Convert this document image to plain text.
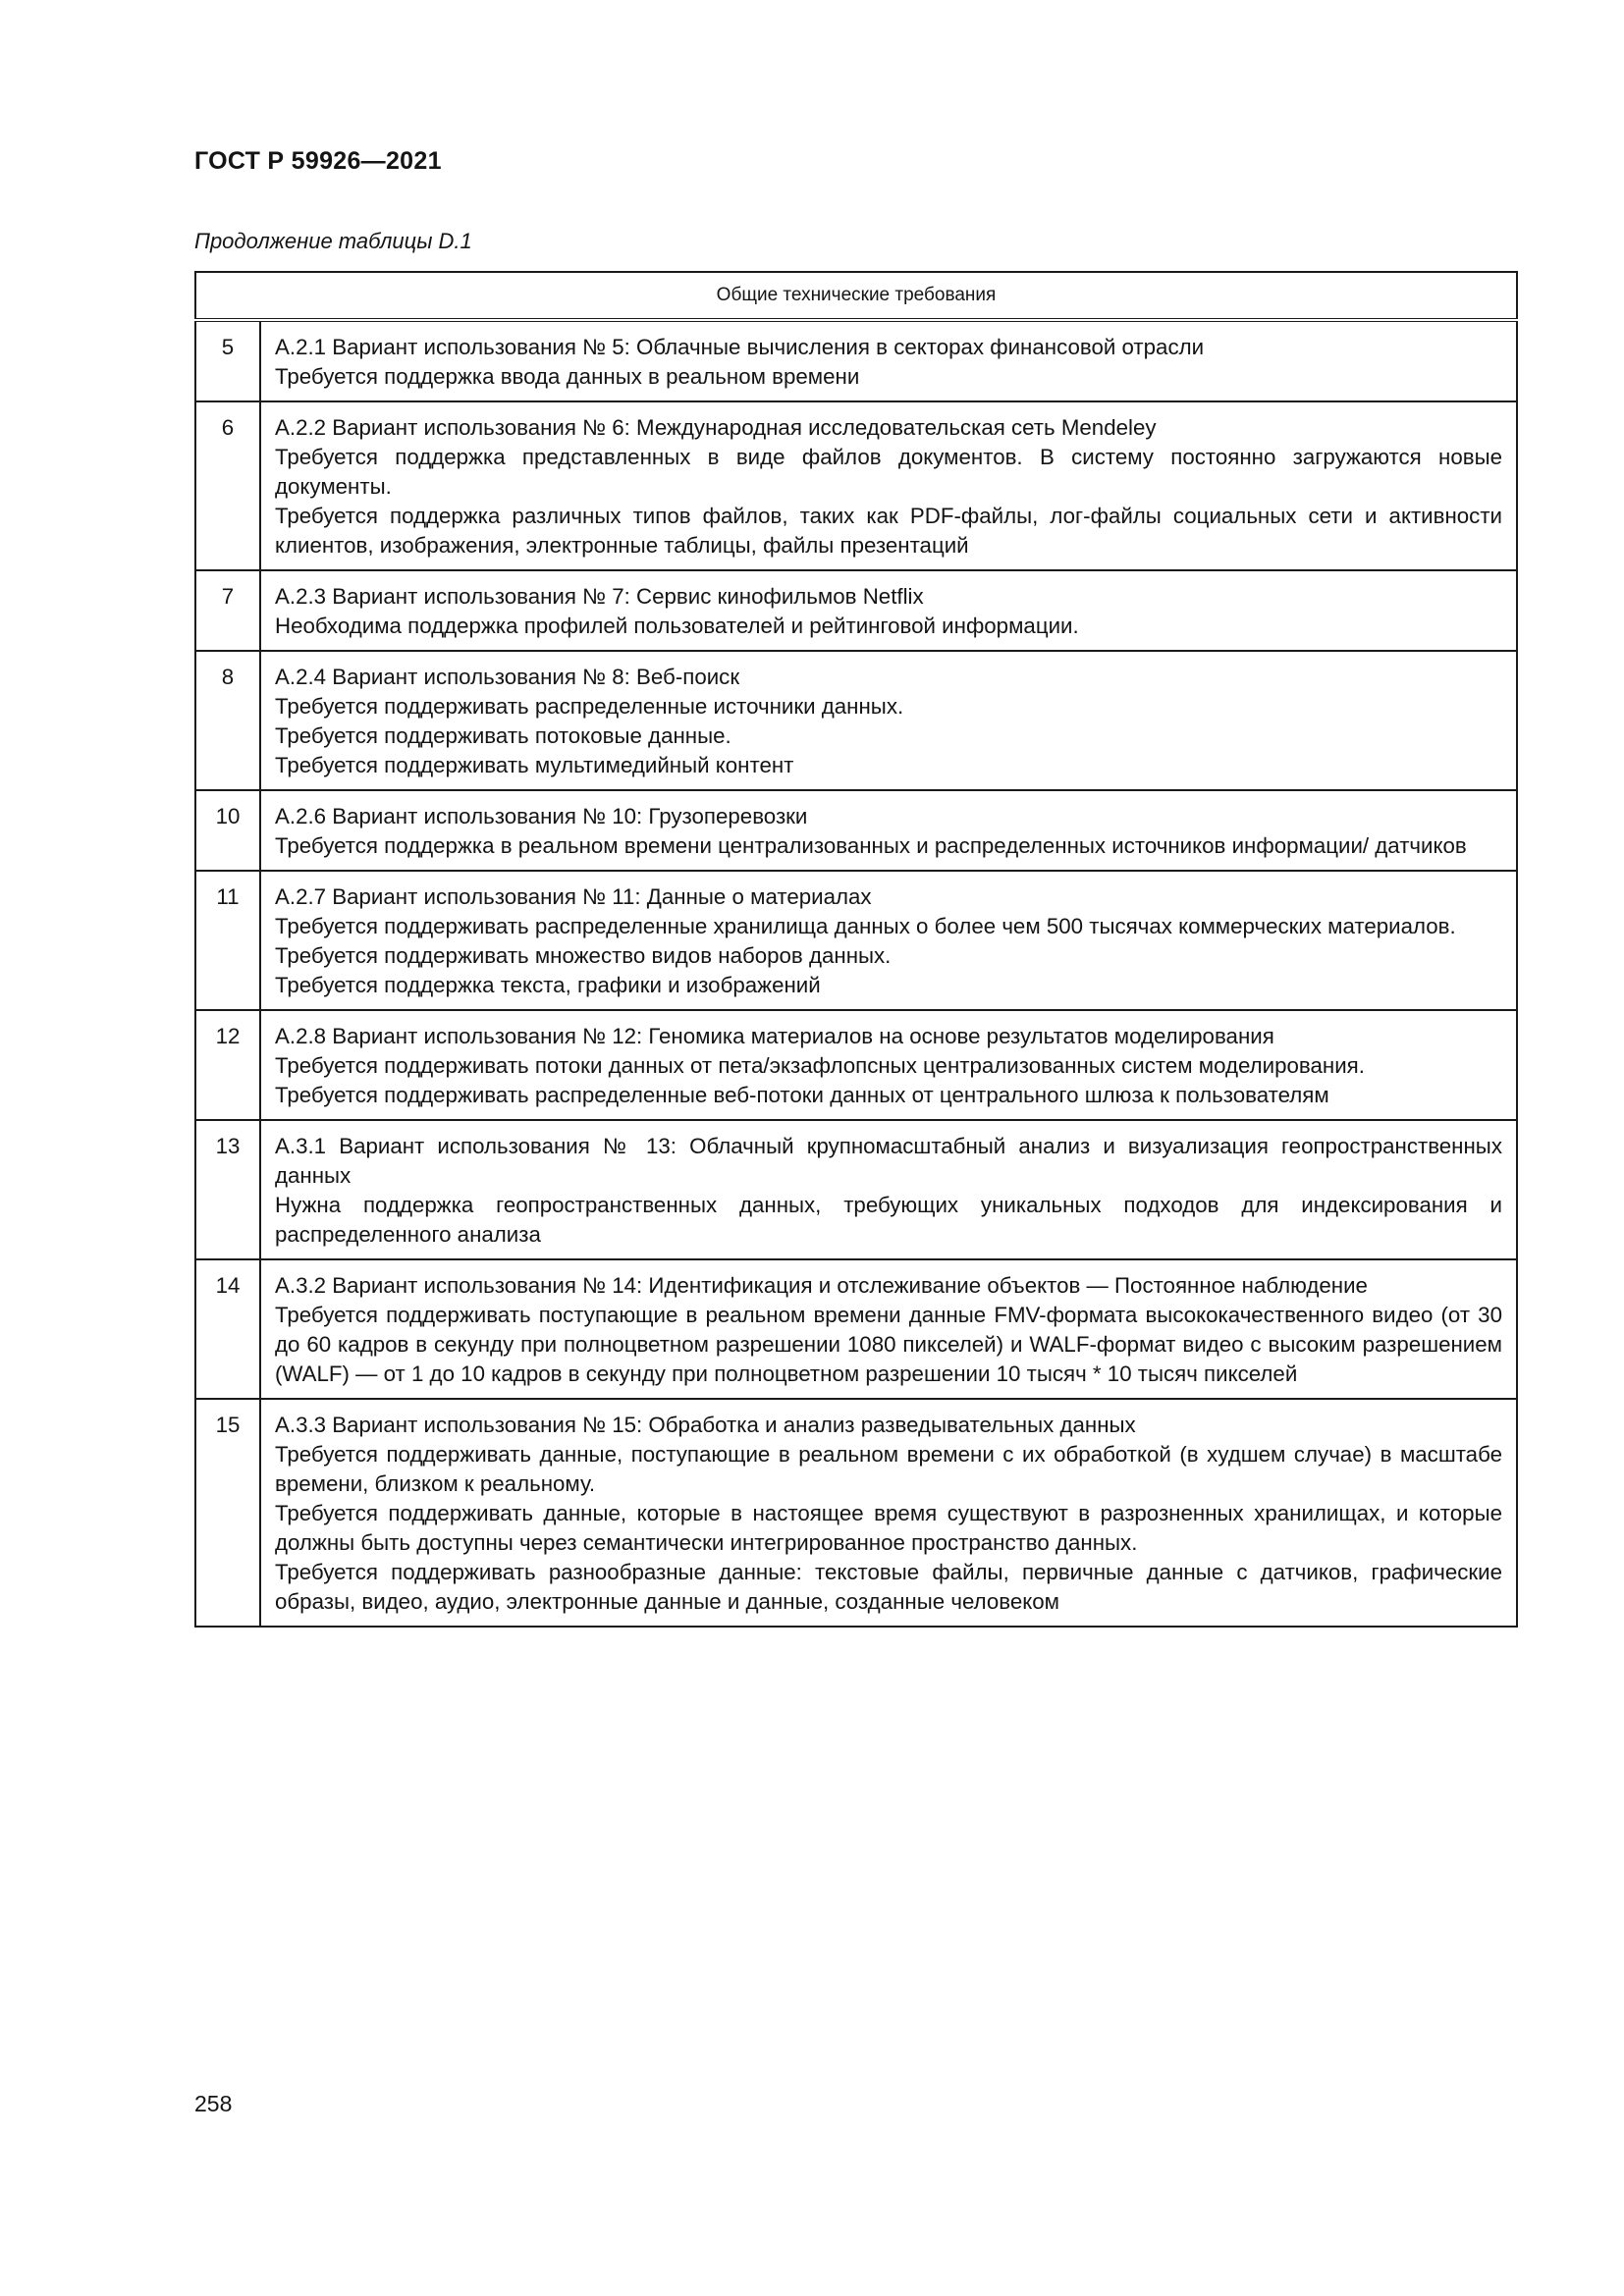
ГОСТ Р 59926—2021

Продолжение таблицы D.1

Общие технические требования	
5	А.2.1 Вариант использования № 5: Облачные вычисления в секторах финансовой отрасли
Требуется поддержка ввода данных в реальном времени

6	А.2.2 Вариант использования № 6: Международная исследовательская сеть Mendeley
Требуется поддержка представленных в виде файлов документов. В систему постоянно загружаются новые документы.
Требуется поддержка различных типов файлов, таких как PDF-файлы, лог-файлы социальных сети и активности клиентов, изображения, электронные таблицы, файлы презентаций

7	А.2.3 Вариант использования № 7: Сервис кинофильмов Netflix
Необходима поддержка профилей пользователей и рейтинговой информации.

8	А.2.4 Вариант использования № 8: Веб-поиск
Требуется поддерживать распределенные источники данных.
Требуется поддерживать потоковые данные.
Требуется поддерживать мультимедийный контент

10	А.2.6 Вариант использования № 10: Грузоперевозки
Требуется поддержка в реальном времени централизованных и распределенных источников информации/ датчиков

11	А.2.7 Вариант использования № 11: Данные о материалах
Требуется поддерживать распределенные хранилища данных о более чем 500 тысячах коммерческих материалов.
Требуется поддерживать множество видов наборов данных.
Требуется поддержка текста, графики и изображений

12	А.2.8 Вариант использования № 12: Геномика материалов на основе результатов моделирования
Требуется поддерживать потоки данных от пета/экзафлопсных централизованных систем моделирования.
Требуется поддерживать распределенные веб-потоки данных от центрального шлюза к пользователям

13	А.3.1 Вариант использования № 13: Облачный крупномасштабный анализ и визуализация геопространственных данных
Нужна поддержка геопространственных данных, требующих уникальных подходов для индексирования и распределенного анализа

14	А.3.2 Вариант использования № 14: Идентификация и отслеживание объектов — Постоянное наблюдение
Требуется поддерживать поступающие в реальном времени данные FMV-формата высококачественного видео (от 30 до 60 кадров в секунду при полноцветном разрешении 1080 пикселей) и WALF-формат видео с высоким разрешением (WALF) — от 1 до 10 кадров в секунду при полноцветном разрешении 10 тысяч * 10 тысяч пикселей

15	А.3.3 Вариант использования № 15: Обработка и анализ разведывательных данных
Требуется поддерживать данные, поступающие в реальном времени с их обработкой (в худшем случае) в масштабе времени, близком к реальному.
Требуется поддерживать данные, которые в настоящее время существуют в разрозненных хранилищах, и которые должны быть доступны через семантически интегрированное пространство данных.
Требуется поддерживать разнообразные данные: текстовые файлы, первичные данные с датчиков, графические образы, видео, аудио, электронные данные и данные, созданные человеком
258
